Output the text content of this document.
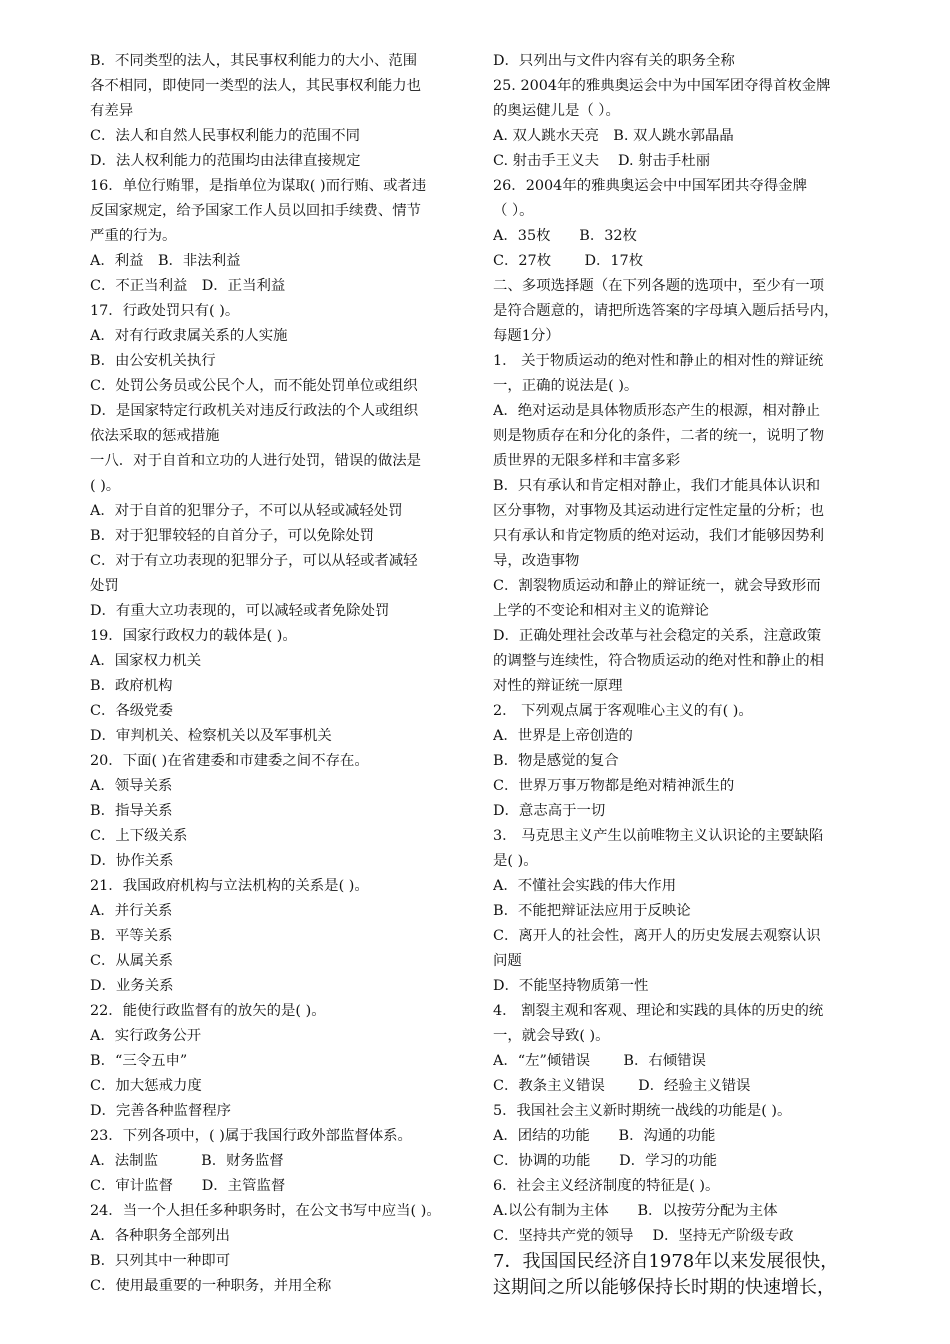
B．不同类型的法人，其民事权利能力的大小、范围
各不相同，即使同一类型的法人，其民事权利能力也
有差异
C．法人和自然人民事权利能力的范围不同
D．法人权利能力的范围均由法律直接规定
16．单位行贿罪，是指单位为谋取( )而行贿、或者违
反国家规定，给予国家工作人员以回扣手续费、情节
严重的行为。
A．利益　B．非法利益
C．不正当利益　D．正当利益
17．行政处罚只有( )。
A．对有行政隶属关系的人实施
B．由公安机关执行
C．处罚公务员或公民个人，而不能处罚单位或组织
D．是国家特定行政机关对违反行政法的个人或组织
依法采取的惩戒措施
一八．对于自首和立功的人进行处罚，错误的做法是
( )。
A．对于自首的犯罪分子，不可以从轻或减轻处罚
B．对于犯罪较轻的自首分子，可以免除处罚
C．对于有立功表现的犯罪分子，可以从轻或者减轻
处罚
D．有重大立功表现的，可以减轻或者免除处罚
19．国家行政权力的载体是( )。
A．国家权力机关
B．政府机构
C．各级党委
D．审判机关、检察机关以及军事机关
20．下面( )在省建委和市建委之间不存在。
A．领导关系
B．指导关系
C．上下级关系
D．协作关系
21．我国政府机构与立法机构的关系是( )。
A．并行关系
B．平等关系
C．从属关系
D．业务关系
22．能使行政监督有的放矢的是( )。
A．实行政务公开
B．“三令五申”
C．加大惩戒力度
D．完善各种监督程序
23．下列各项中，( )属于我国行政外部监督体系。
A．法制监　　　B．财务监督
C．审计监督　　D．主管监督
24．当一个人担任多种职务时，在公文书写中应当( )。
A．各种职务全部列出
B．只列其中一种即可
C．使用最重要的一种职务，并用全称
D．只列出与文件内容有关的职务全称
25. 2004年的雅典奥运会中为中国军团夺得首枚金牌
的奥运健儿是（ ）。
A. 双人跳水天亮　B. 双人跳水郭晶晶
C. 射击手王义夫　 D. 射击手杜丽
26．2004年的雅典奥运会中中国军团共夺得金牌
（ ）。
A．35枚　　B．32枚
C．27枚　　 D．17枚
二、多项选择题（在下列各题的选项中，至少有一项
是符合题意的，请把所选答案的字母填入题后括号内，
每题1分）
1． 关于物质运动的绝对性和静止的相对性的辩证统
一，正确的说法是( )。
A．绝对运动是具体物质形态产生的根源，相对静止
则是物质存在和分化的条件，二者的统一，说明了物
质世界的无限多样和丰富多彩
B．只有承认和肯定相对静止，我们才能具体认识和
区分事物，对事物及其运动进行定性定量的分析；也
只有承认和肯定物质的绝对运动，我们才能够因势利
导，改造事物
C．割裂物质运动和静止的辩证统一，就会导致形而
上学的不变论和相对主义的诡辩论
D．正确处理社会改革与社会稳定的关系，注意政策
的调整与连续性，符合物质运动的绝对性和静止的相
对性的辩证统一原理
2． 下列观点属于客观唯心主义的有( )。
A．世界是上帝创造的
B．物是感觉的复合
C．世界万事万物都是绝对精神派生的
D．意志高于一切
3． 马克思主义产生以前唯物主义认识论的主要缺陷
是( )。
A．不懂社会实践的伟大作用
B．不能把辩证法应用于反映论
C．离开人的社会性，离开人的历史发展去观察认识
问题
D．不能坚持物质第一性
4． 割裂主观和客观、理论和实践的具体的历史的统
一，就会导致( )。
A．“左”倾错误　　 B．右倾错误
C．教条主义错误　　 D．经验主义错误
5．我国社会主义新时期统一战线的功能是( )。
A．团结的功能　　B．沟通的功能
C．协调的功能　　D．学习的功能
6．社会主义经济制度的特征是( )。
A.以公有制为主体　　B．以按劳分配为主体
C．坚持共产党的领导　 D．坚持无产阶级专政
7．我国国民经济自1978年以来发展很快，
这期间之所以能够保持长时期的快速增长，
